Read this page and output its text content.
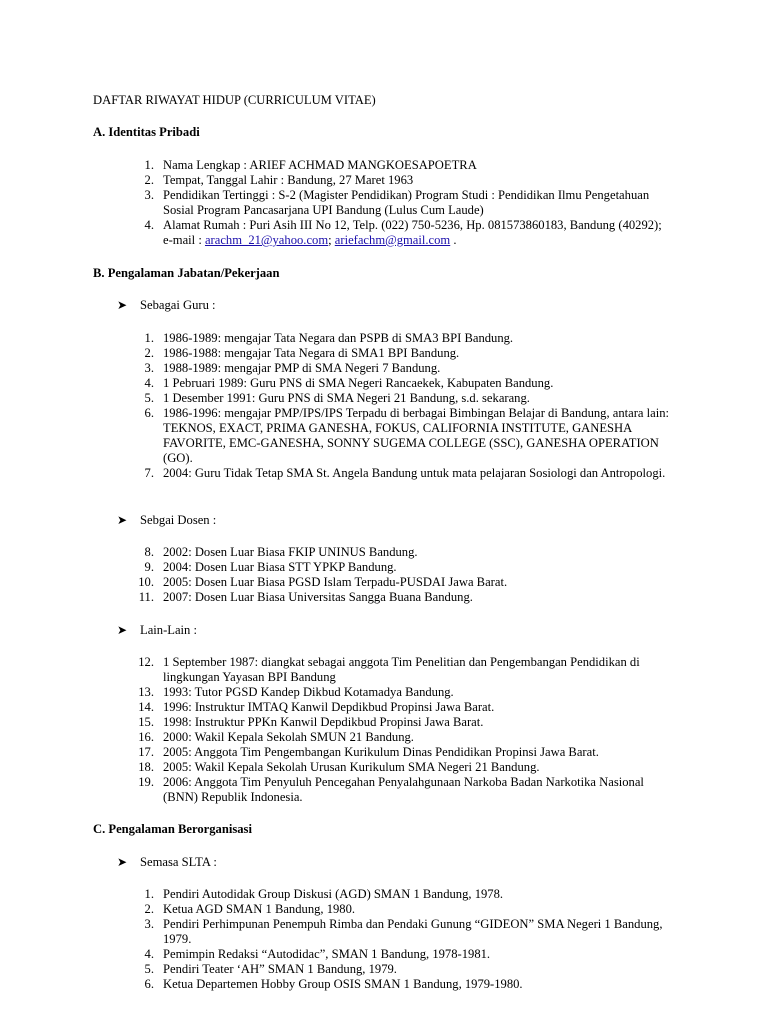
DAFTAR RIWAYAT HIDUP (CURRICULUM VITAE)
A. Identitas Pribadi
1. Nama Lengkap : ARIEF ACHMAD MANGKOESAPOETRA
2. Tempat, Tanggal Lahir : Bandung, 27 Maret 1963
3. Pendidikan Tertinggi : S-2 (Magister Pendidikan) Program Studi : Pendidikan Ilmu Pengetahuan Sosial Program Pancasarjana UPI Bandung (Lulus Cum Laude)
4. Alamat Rumah : Puri Asih III No 12, Telp. (022) 750-5236, Hp. 081573860183, Bandung (40292); e-mail : arachm_21@yahoo.com; ariefachm@gmail.com .
B. Pengalaman Jabatan/Pekerjaan
➤ Sebagai Guru :
1. 1986-1989: mengajar Tata Negara dan PSPB di SMA3 BPI Bandung.
2. 1986-1988: mengajar Tata Negara di SMA1 BPI Bandung.
3. 1988-1989: mengajar PMP di SMA Negeri 7 Bandung.
4. 1 Pebruari 1989: Guru PNS di SMA Negeri Rancaekek, Kabupaten Bandung.
5. 1 Desember 1991: Guru PNS di SMA Negeri 21 Bandung, s.d. sekarang.
6. 1986-1996: mengajar PMP/IPS/IPS Terpadu di berbagai Bimbingan Belajar di Bandung, antara lain: TEKNOS, EXACT, PRIMA GANESHA, FOKUS, CALIFORNIA INSTITUTE, GANESHA FAVORITE, EMC-GANESHA, SONNY SUGEMA COLLEGE (SSC), GANESHA OPERATION (GO).
7. 2004: Guru Tidak Tetap SMA St. Angela Bandung untuk mata pelajaran Sosiologi dan Antropologi.
➤ Sebgai Dosen :
8. 2002: Dosen Luar Biasa FKIP UNINUS Bandung.
9. 2004: Dosen Luar Biasa STT YPKP Bandung.
10. 2005: Dosen Luar Biasa PGSD Islam Terpadu-PUSDAI Jawa Barat.
11. 2007: Dosen Luar Biasa Universitas Sangga Buana Bandung.
➤ Lain-Lain :
12. 1 September 1987: diangkat sebagai anggota Tim Penelitian dan Pengembangan Pendidikan di lingkungan Yayasan BPI Bandung
13. 1993: Tutor PGSD Kandep Dikbud Kotamadya Bandung.
14. 1996: Instruktur IMTAQ Kanwil Depdikbud Propinsi Jawa Barat.
15. 1998: Instruktur PPKn Kanwil Depdikbud Propinsi Jawa Barat.
16. 2000: Wakil Kepala Sekolah SMUN 21 Bandung.
17. 2005: Anggota Tim Pengembangan Kurikulum Dinas Pendidikan Propinsi Jawa Barat.
18. 2005: Wakil Kepala Sekolah Urusan Kurikulum SMA Negeri 21 Bandung.
19. 2006: Anggota Tim Penyuluh Pencegahan Penyalahgunaan Narkoba Badan Narkotika Nasional (BNN) Republik Indonesia.
C. Pengalaman Berorganisasi
➤ Semasa SLTA :
1. Pendiri Autodidak Group Diskusi (AGD) SMAN 1 Bandung, 1978.
2. Ketua AGD SMAN 1 Bandung, 1980.
3. Pendiri Perhimpunan Penempuh Rimba dan Pendaki Gunung “GIDEON” SMA Negeri 1 Bandung, 1979.
4. Pemimpin Redaksi “Autodidac”, SMAN 1 Bandung, 1978-1981.
5. Pendiri Teater ‘AH” SMAN 1 Bandung, 1979.
6. Ketua Departemen Hobby Group OSIS SMAN 1 Bandung, 1979-1980.
